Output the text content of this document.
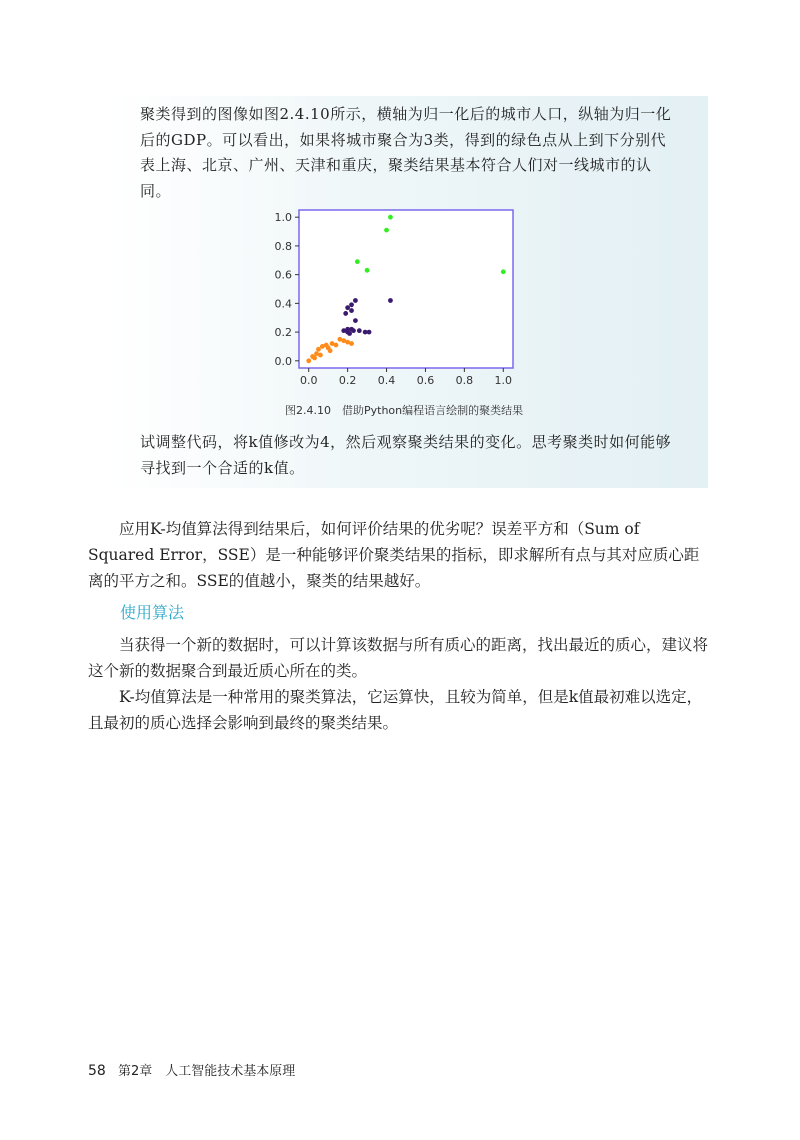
聚类得到的图像如图2.4.10所示，横轴为归一化后的城市人口，纵轴为归一化后的GDP。可以看出，如果将城市聚合为3类，得到的绿色点从上到下分别代表上海、北京、广州、天津和重庆，聚类结果基本符合人们对一线城市的认同。
0.0 0.2 0.4 0.6 0.8 1.0
0.0
0.2
0.4
0.6
0.8
1.0
图2.4.10　借助Python编程语言绘制的聚类结果
试调整代码，将k值修改为4，然后观察聚类结果的变化。思考聚类时如何能够寻找到一个合适的k值。

应用K-均值算法得到结果后，如何评价结果的优劣呢？误差平方和（Sum of Squared Error，SSE）是一种能够评价聚类结果的指标，即求解所有点与其对应质心距离的平方之和。SSE的值越小，聚类的结果越好。

使用算法

当获得一个新的数据时，可以计算该数据与所有质心的距离，找出最近的质心，建议将这个新的数据聚合到最近质心所在的类。

K-均值算法是一种常用的聚类算法，它运算快，且较为简单，但是k值最初难以选定，且最初的质心选择会影响到最终的聚类结果。

58 第2章　人工智能技术基本原理
